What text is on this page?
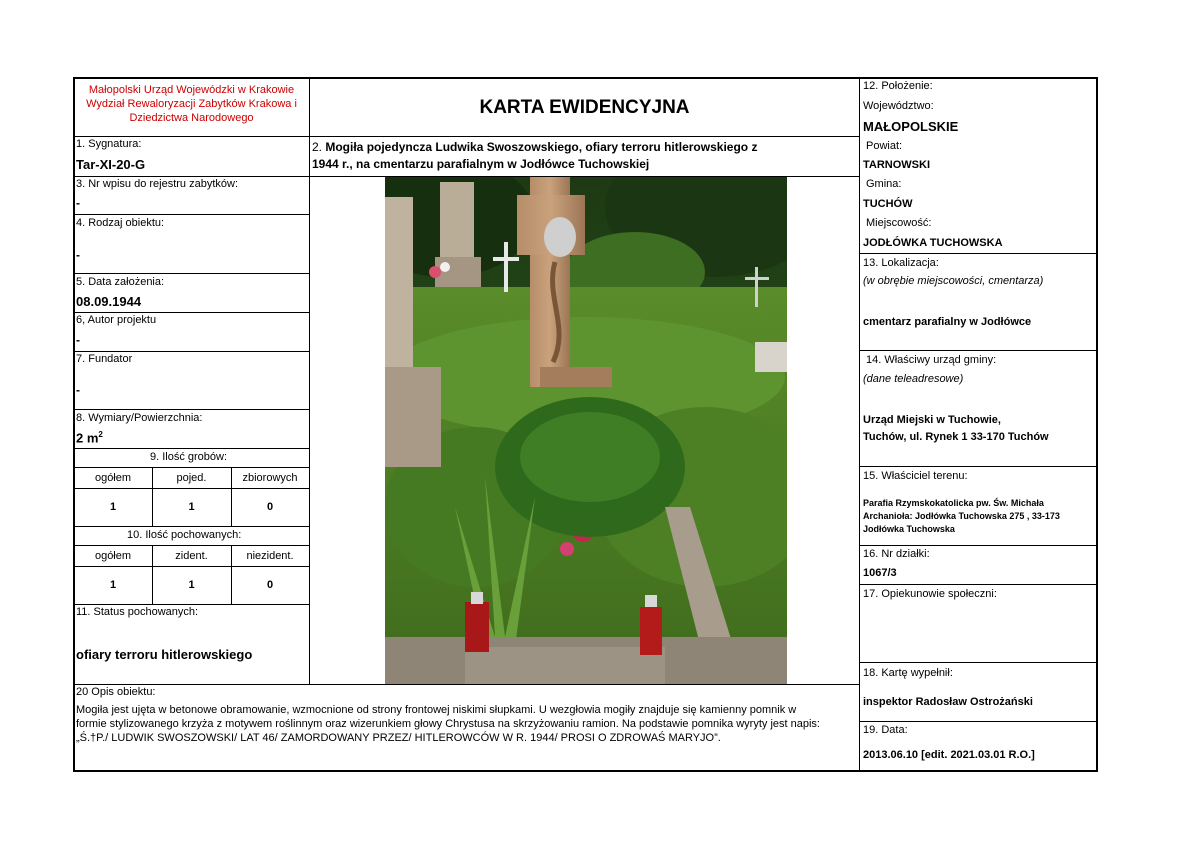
Małopolski Urząd Wojewódzki w Krakowie
Wydział Rewaloryzacji Zabytków Krakowa i
Dziedzictwa Narodowego
1. Sygnatura:
Tar-XI-20-G
3. Nr wpisu do rejestru zabytków:
-
4. Rodzaj obiektu:
-
5. Data założenia:
08.09.1944
6, Autor projektu
-
7. Fundator
-
8. Wymiary/Powierzchnia:
2 $m^2$
9. Ilość grobów:
ogółem	pojed.	zbiorowych
1	1	0
10. Ilość pochowanych:
ogółem	zident.	niezident.
1	1	0
11. Status pochowanych:
ofiary terroru hitlerowskiego
KARTA EWIDENCYJNA
2. Mogiła pojedyncza Ludwika Swoszowskiego, ofiary terroru hitlerowskiego z
1944 r., na cmentarzu parafialnym w Jodłówce Tuchowskiej
12. Położenie:
Województwo:
MAŁOPOLSKIE
Powiat:
TARNOWSKI
Gmina:
TUCHÓW
Miejscowość:
JODŁÓWKA TUCHOWSKA
13. Lokalizacja:
(w obrębie miejscowości, cmentarza)
cmentarz parafialny w Jodłówce
14. Właściwy urząd gminy:
(dane teleadresowe)
Urząd Miejski w Tuchowie,
Tuchów, ul. Rynek 1 33-170 Tuchów
15. Właściciel terenu:
Parafia Rzymskokatolicka pw. Św. Michała
Archanioła: Jodłówka Tuchowska 275 , 33-173
Jodłówka Tuchowska
16. Nr działki:
1067/3
17. Opiekunowie społeczni:
18. Kartę wypełnił:
inspektor Radosław Ostrożański
19. Data:
2013.06.10 [edit. 2021.03.01 R.O.]
20 Opis obiektu:
Mogiła jest ujęta w betonowe obramowanie, wzmocnione od strony frontowej niskimi słupkami. U wezgłowia mogiły znajduje się kamienny pomnik w
formie stylizowanego krzyża z motywem roślinnym oraz wizerunkiem głowy Chrystusa na skrzyżowaniu ramion. Na podstawie pomnika wyryty jest napis:
„Ś.†P./ LUDWIK SWOSZOWSKI/ LAT 46/ ZAMORDOWANY PRZEZ/ HITLEROWCÓW W R. 1944/ PROSI O ZDROWAŚ MARYJO”.
